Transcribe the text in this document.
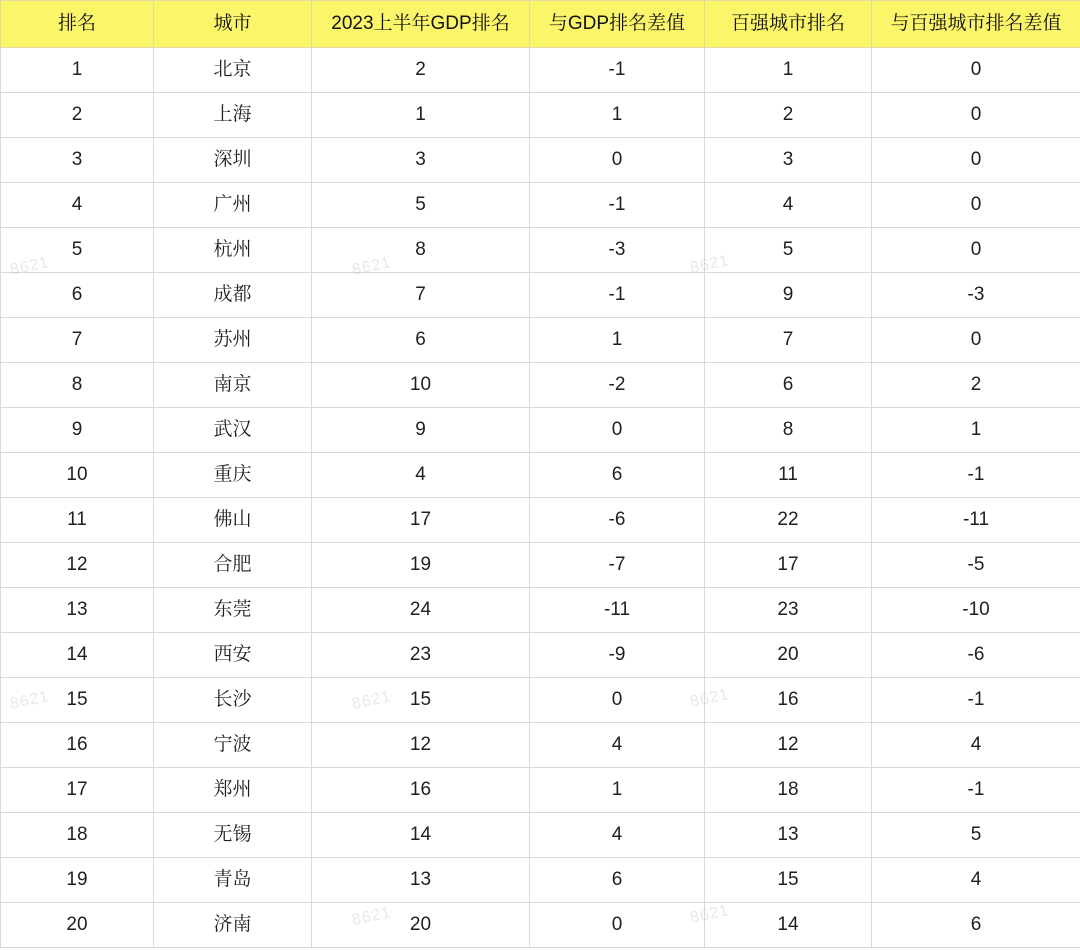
排名	城市	2023上半年GDP排名	与GDP排名差值	百强城市排名	与百强城市排名差值
1	北京	2	-1	1	0
2	上海	1	1	2	0
3	深圳	3	0	3	0
4	广州	5	-1	4	0
5	杭州	8	-3	5	0
6	成都	7	-1	9	-3
7	苏州	6	1	7	0
8	南京	10	-2	6	2
9	武汉	9	0	8	1
10	重庆	4	6	11	-1
11	佛山	17	-6	22	-11
12	合肥	19	-7	17	-5
13	东莞	24	-11	23	-10
14	西安	23	-9	20	-6
15	长沙	15	0	16	-1
16	宁波	12	4	12	4
17	郑州	16	1	18	-1
18	无锡	14	4	13	5
19	青岛	13	6	15	4
20	济南	20	0	14	6
8621	8621	8621
8621	8621	8621
8621	8621
